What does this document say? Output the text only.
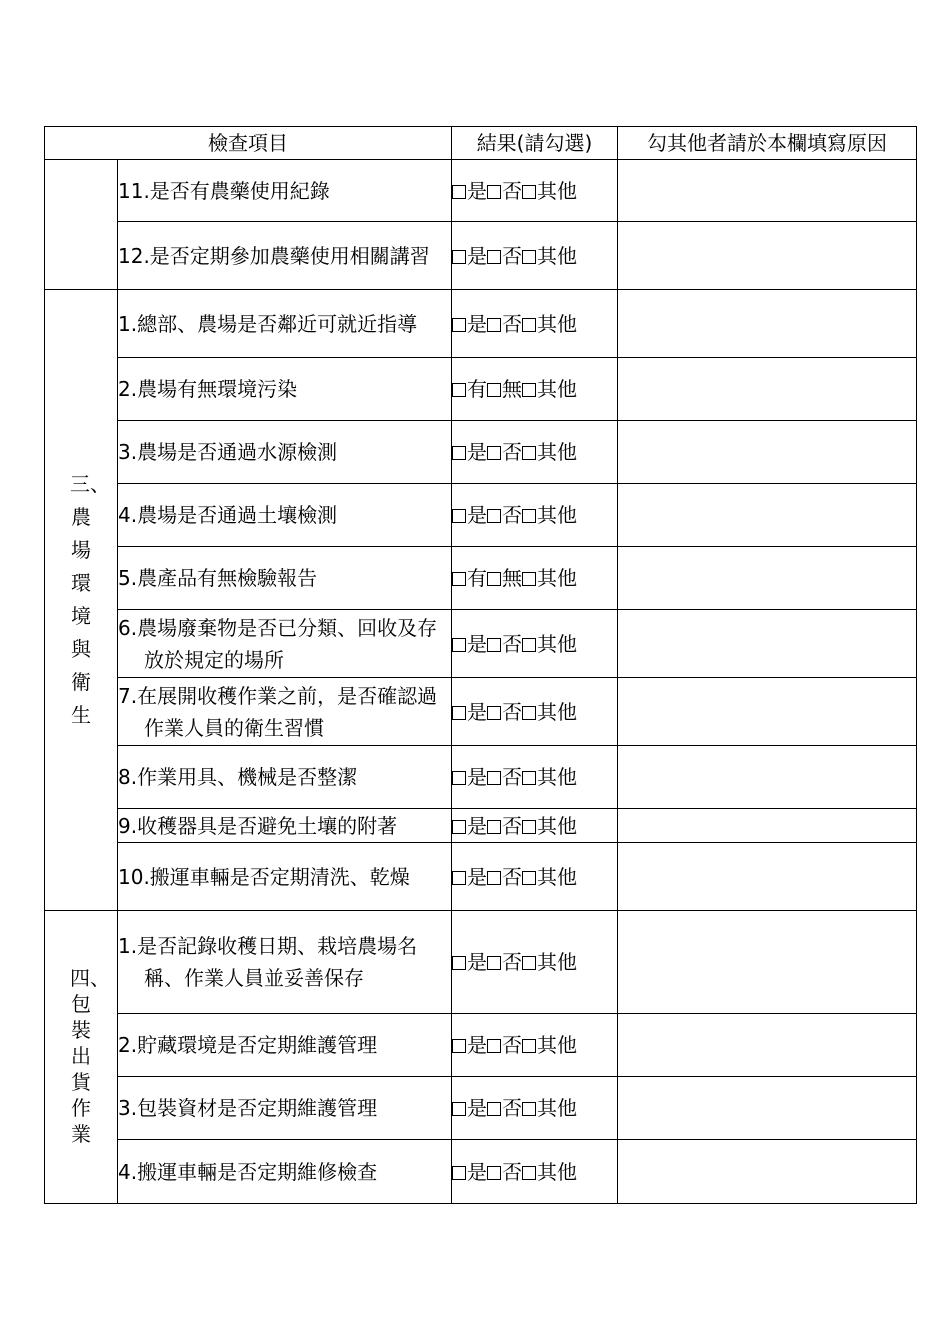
檢查項目		結果(請勾選)	勾其他者請於本欄填寫原因

	11.是否有農藥使用紀錄	是 否 其他	

	12.是否定期參加農藥使用相關講習	是 否 其他	
三、農場環境與衛生	1.總部、農場是否鄰近可就近指導	是 否 其他	

	2.農場有無環境污染	有 無 其他	

	3.農場是否通過水源檢測	是 否 其他	

	4.農場是否通過土壤檢測	是 否 其他	

	5.農產品有無檢驗報告	有 無 其他	

	6.農場廢棄物是否已分類、回收及存放於規定的場所	是 否 其他	

	7.在展開收穫作業之前，是否確認過作業人員的衛生習慣	是 否 其他	

	8.作業用具、機械是否整潔	是 否 其他	

	9.收穫器具是否避免土壤的附著	是 否 其他	

	10.搬運車輛是否定期清洗、乾燥	是 否 其他	
四、包裝出貨作業	1.是否記錄收穫日期、栽培農場名稱、作業人員並妥善保存	是 否 其他	

	2.貯藏環境是否定期維護管理	是 否 其他	

	3.包裝資材是否定期維護管理	是 否 其他	

	4.搬運車輛是否定期維修檢查	是 否 其他	
